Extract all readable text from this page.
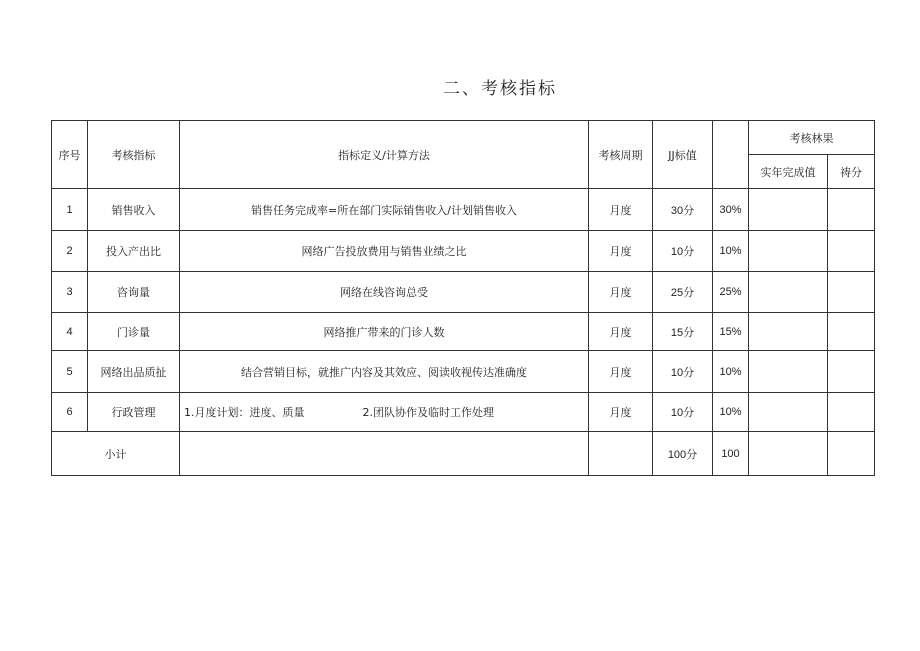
二、考核指标
序号	考核指标	指标定义/计算方法	考核周期	JJ标值		考核林果	
						实年完成值	祷分
1	销售收入	销售任务完成率=所在部门实际销售收入/计划销售收入	月度	30分	30%		
2	投入产出比	网络广告投放费用与销售业绩之比	月度	10分	10%		
3	咨询量	网络在线咨询总受	月度	25分	25%		
4	门诊量	网络推广带来的门诊人数	月度	15分	15%		
5	网络出品质扯	结合营销目标，就推广内容及其效应、阅读收视传达准确度	月度	10分	10%		
6	行政管理	1.月度计划：进度、质量 2.团队协作及临时工作处理	月度	10分	10%		
小计				100分	100		
